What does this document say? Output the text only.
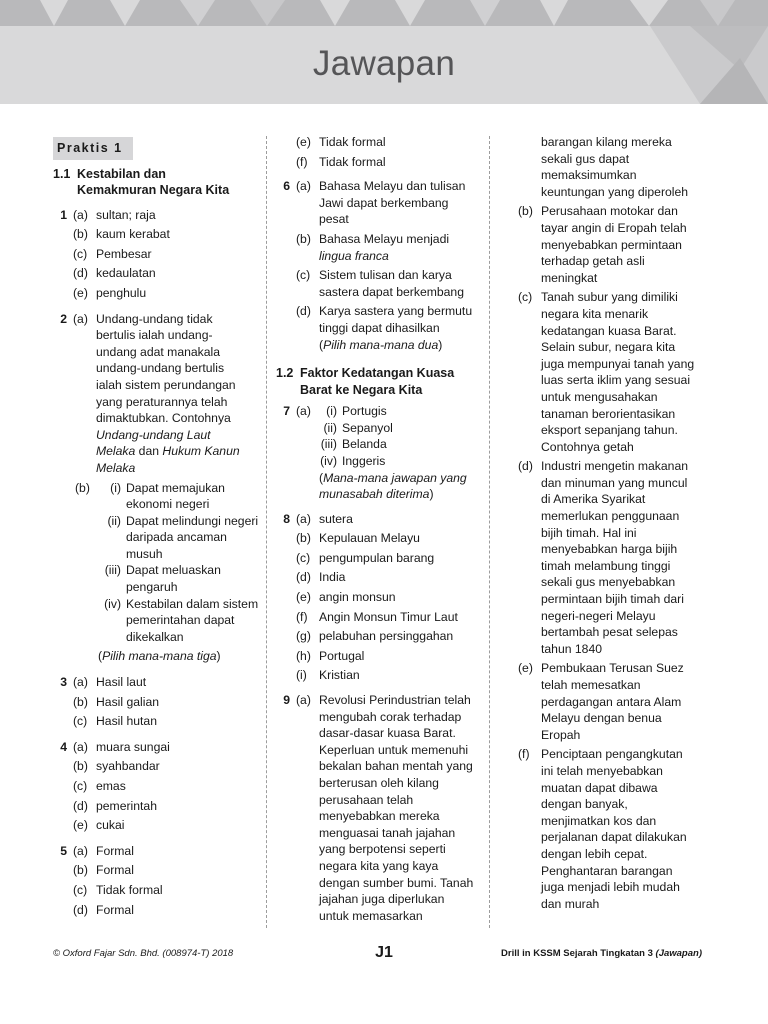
Jawapan
Praktis 1
1.1 Kestabilan dan
Kemakmuran Negara Kita
1 (a) sultan; raja
(b) kaum kerabat
(c) Pembesar
(d) kedaulatan
(e) penghulu
2 (a) Undang-undang tidak
bertulis ialah undang-
undang adat manakala
undang-undang bertulis
ialah sistem perundangan
yang peraturannya telah
dimaktubkan. Contohnya
Undang-undang Laut
Melaka dan Hukum Kanun
Melaka
(b)	(i) Dapat memajukan
ekonomi negeri
(ii) Dapat melindungi negeri
daripada ancaman
musuh
(iii) Dapat meluaskan
pengaruh
(iv) Kestabilan dalam sistem
pemerintahan dapat
dikekalkan
(Pilih mana-mana tiga)
3 (a) Hasil laut
(b) Hasil galian
(c) Hasil hutan
4 (a) muara sungai
(b) syahbandar
(c) emas
(d) pemerintah
(e) cukai
5 (a) Formal
(b) Formal
(c) Tidak formal
(d) Formal
(e) Tidak formal
(f) Tidak formal
6 (a) Bahasa Melayu dan tulisan
Jawi dapat berkembang
pesat
(b) Bahasa Melayu menjadi
lingua franca
(c) Sistem tulisan dan karya
sastera dapat berkembang
(d) Karya sastera yang bermutu
tinggi dapat dihasilkan
(Pilih mana-mana dua)
1.2 Faktor Kedatangan Kuasa
Barat ke Negara Kita
7 (a)	(i) Portugis
(ii) Sepanyol
(iii) Belanda
(iv) Inggeris
(Mana-mana jawapan yang
munasabah diterima)
8 (a) sutera
(b) Kepulauan Melayu
(c) pengumpulan barang
(d) India
(e) angin monsun
(f) Angin Monsun Timur Laut
(g) pelabuhan persinggahan
(h) Portugal
(i) Kristian
9 (a) Revolusi Perindustrian telah
mengubah corak terhadap
dasar-dasar kuasa Barat.
Keperluan untuk memenuhi
bekalan bahan mentah yang
berterusan oleh kilang
perusahaan telah
menyebabkan mereka
menguasai tanah jajahan
yang berpotensi seperti
negara kita yang kaya
dengan sumber bumi. Tanah
jajahan juga diperlukan
untuk memasarkan
barangan kilang mereka
sekali gus dapat
memaksimumkan
keuntungan yang diperoleh
(b) Perusahaan motokar dan
tayar angin di Eropah telah
menyebabkan permintaan
terhadap getah asli
meningkat
(c) Tanah subur yang dimiliki
negara kita menarik
kedatangan kuasa Barat.
Selain subur, negara kita
juga mempunyai tanah yang
luas serta iklim yang sesuai
untuk mengusahakan
tanaman berorientasikan
eksport sepanjang tahun.
Contohnya getah
(d) Industri mengetin makanan
dan minuman yang muncul
di Amerika Syarikat
memerlukan penggunaan
bijih timah. Hal ini
menyebabkan harga bijih
timah melambung tinggi
sekali gus menyebabkan
permintaan bijih timah dari
negeri-negeri Melayu
bertambah pesat selepas
tahun 1840
(e) Pembukaan Terusan Suez
telah memesatkan
perdagangan antara Alam
Melayu dengan benua
Eropah
(f) Penciptaan pengangkutan
ini telah menyebabkan
muatan dapat dibawa
dengan banyak,
menjimatkan kos dan
perjalanan dapat dilakukan
dengan lebih cepat.
Penghantaran barangan
juga menjadi lebih mudah
dan murah
© Oxford Fajar Sdn. Bhd. (008974-T) 2018	J1	Drill in KSSM Sejarah Tingkatan 3 (Jawapan)
